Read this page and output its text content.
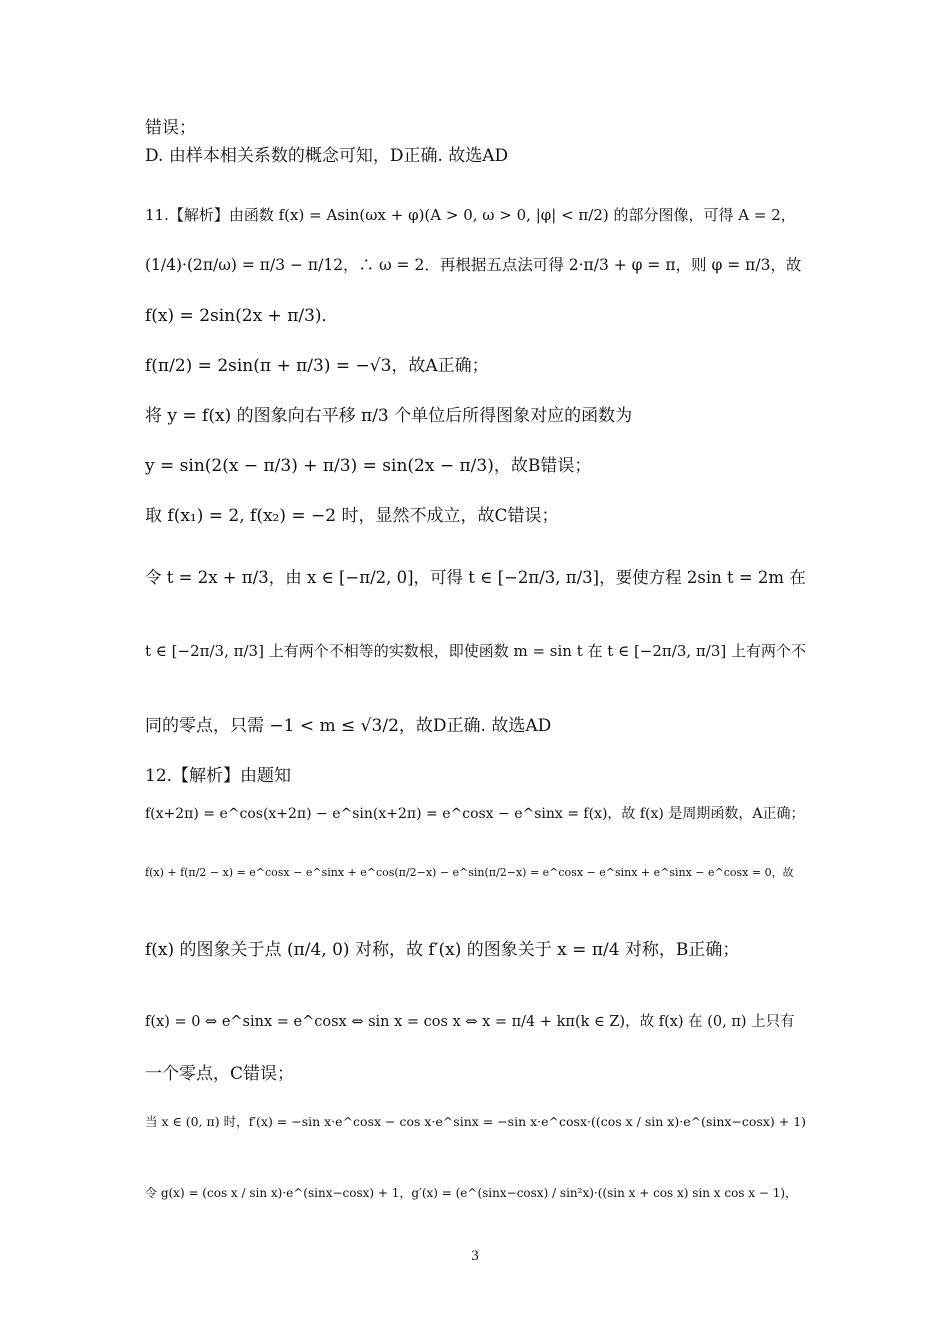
错误；
D. 由样本相关系数的概念可知，D正确. 故选AD
11.【解析】由函数 f(x) = Asin(ωx + φ)(A > 0, ω > 0, |φ| < π/2) 的部分图像，可得 A = 2，
(1/4)·(2π/ω) = π/3 − π/12，∴ ω = 2．再根据五点法可得 2·π/3 + φ = π，则 φ = π/3，故
f(x) = 2sin(2x + π/3)．
f(π/2) = 2sin(π + π/3) = −√3，故A正确；
将 y = f(x) 的图象向右平移 π/3 个单位后所得图象对应的函数为
y = sin(2(x − π/3) + π/3) = sin(2x − π/3)，故B错误；
取 f(x₁) = 2, f(x₂) = −2 时，显然不成立，故C错误；
令 t = 2x + π/3，由 x ∈ [−π/2, 0]，可得 t ∈ [−2π/3, π/3]，要使方程 2sin t = 2m 在
t ∈ [−2π/3, π/3] 上有两个不相等的实数根，即使函数 m = sin t 在 t ∈ [−2π/3, π/3] 上有两个不
同的零点，只需 −1 < m ≤ √3/2，故D正确. 故选AD
12.【解析】由题知
f(x+2π) = e^cos(x+2π) − e^sin(x+2π) = e^cosx − e^sinx = f(x)，故 f(x) 是周期函数，A正确；
f(x) + f(π/2 − x) = e^cosx − e^sinx + e^cos(π/2−x) − e^sin(π/2−x) = e^cosx − e^sinx + e^sinx − e^cosx = 0，故
f(x) 的图象关于点 (π/4, 0) 对称，故 f′(x) 的图象关于 x = π/4 对称，B正确；
f(x) = 0 ⇔ e^sinx = e^cosx ⇔ sin x = cos x ⇔ x = π/4 + kπ(k ∈ Z)，故 f(x) 在 (0, π) 上只有
一个零点，C错误；
当 x ∈ (0, π) 时，f′(x) = −sin x·e^cosx − cos x·e^sinx = −sin x·e^cosx·((cos x / sin x)·e^(sinx−cosx) + 1)
令 g(x) = (cos x / sin x)·e^(sinx−cosx) + 1，g′(x) = (e^(sinx−cosx) / sin²x)·((sin x + cos x) sin x cos x − 1)，
3
